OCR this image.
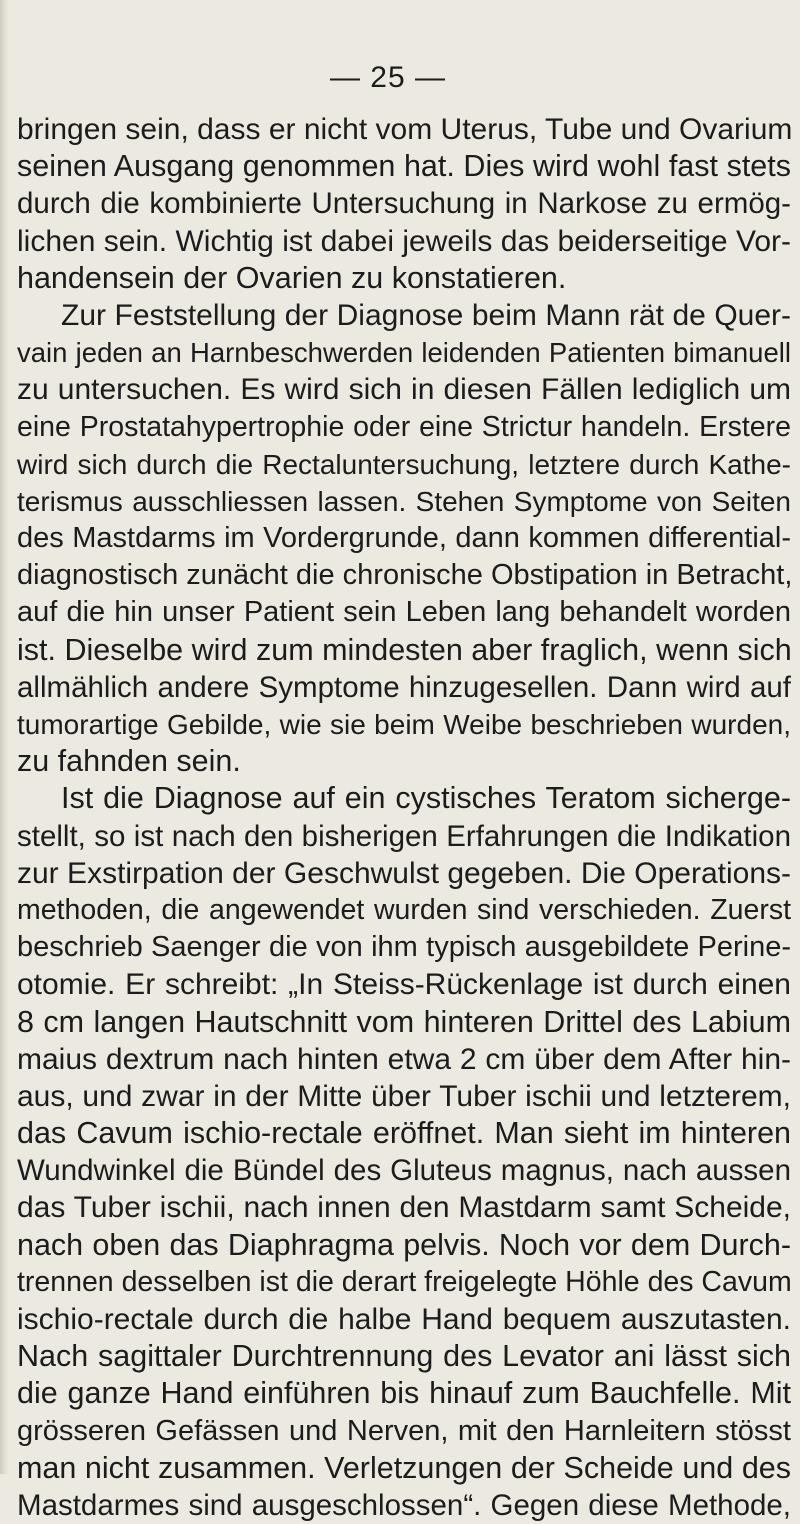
— 25 —
bringen sein, dass er nicht vom Uterus, Tube und Ovarium
seinen Ausgang genommen hat. Dies wird wohl fast stets
durch die kombinierte Untersuchung in Narkose zu ermög-
lichen sein. Wichtig ist dabei jeweils das beiderseitige Vor-
handensein der Ovarien zu konstatieren.
Zur Feststellung der Diagnose beim Mann rät de Quer-
vain jeden an Harnbeschwerden leidenden Patienten bimanuell
zu untersuchen. Es wird sich in diesen Fällen lediglich um
eine Prostatahypertrophie oder eine Strictur handeln. Erstere
wird sich durch die Rectaluntersuchung, letztere durch Kathe-
terismus ausschliessen lassen. Stehen Symptome von Seiten
des Mastdarms im Vordergrunde, dann kommen differential-
diagnostisch zunächt die chronische Obstipation in Betracht,
auf die hin unser Patient sein Leben lang behandelt worden
ist. Dieselbe wird zum mindesten aber fraglich, wenn sich
allmählich andere Symptome hinzugesellen. Dann wird auf
tumorartige Gebilde, wie sie beim Weibe beschrieben wurden,
zu fahnden sein.
Ist die Diagnose auf ein cystisches Teratom sicherge-
stellt, so ist nach den bisherigen Erfahrungen die Indikation
zur Exstirpation der Geschwulst gegeben. Die Operations-
methoden, die angewendet wurden sind verschieden. Zuerst
beschrieb Saenger die von ihm typisch ausgebildete Perine-
otomie. Er schreibt: „In Steiss-Rückenlage ist durch einen
8 cm langen Hautschnitt vom hinteren Drittel des Labium
maius dextrum nach hinten etwa 2 cm über dem After hin-
aus, und zwar in der Mitte über Tuber ischii und letzterem,
das Cavum ischio-rectale eröffnet. Man sieht im hinteren
Wundwinkel die Bündel des Gluteus magnus, nach aussen
das Tuber ischii, nach innen den Mastdarm samt Scheide,
nach oben das Diaphragma pelvis. Noch vor dem Durch-
trennen desselben ist die derart freigelegte Höhle des Cavum
ischio-rectale durch die halbe Hand bequem auszutasten.
Nach sagittaler Durchtrennung des Levator ani lässt sich
die ganze Hand einführen bis hinauf zum Bauchfelle. Mit
grösseren Gefässen und Nerven, mit den Harnleitern stösst
man nicht zusammen. Verletzungen der Scheide und des
Mastdarmes sind ausgeschlossen“. Gegen diese Methode,
